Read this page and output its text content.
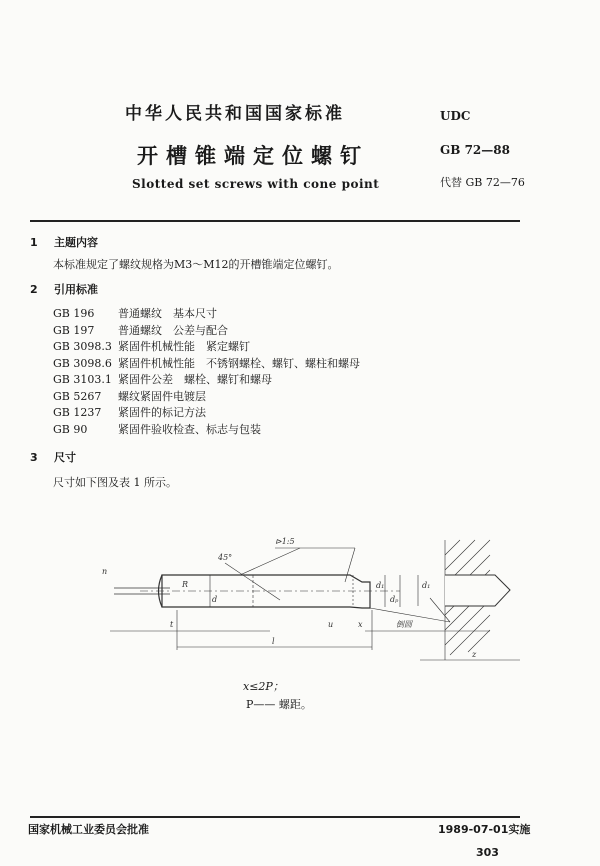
中华人民共和国国家标准
开槽锥端定位螺钉
Slotted set screws with cone point
UDC
GB 72—88
代替 GB 72—76
1 主题内容
本标准规定了螺纹规格为M3～M12的开槽锥端定位螺钉。
2 引用标准
GB 196	普通螺纹　基本尺寸
GB 197	普通螺纹　公差与配合
GB 3098.3 紧固件机械性能　紧定螺钉
GB 3098.6 紧固件机械性能　不锈钢螺栓、螺钉、螺柱和螺母
GB 3103.1 紧固件公差　螺栓、螺钉和螺母
GB 5267	螺纹紧固件电镀层
GB 1237	紧固件的标记方法
GB 90	紧固件验收检查、标志与包装
3 尺寸
尺寸如下图及表 1 所示。
⊳1:5
45°
R
d
d₁
dₚ
d₁
n
t	u	x
z
l
倒圆
x≤2P；
P—— 螺距。
国家机械工业委员会批准	1989-07-01实施
303
